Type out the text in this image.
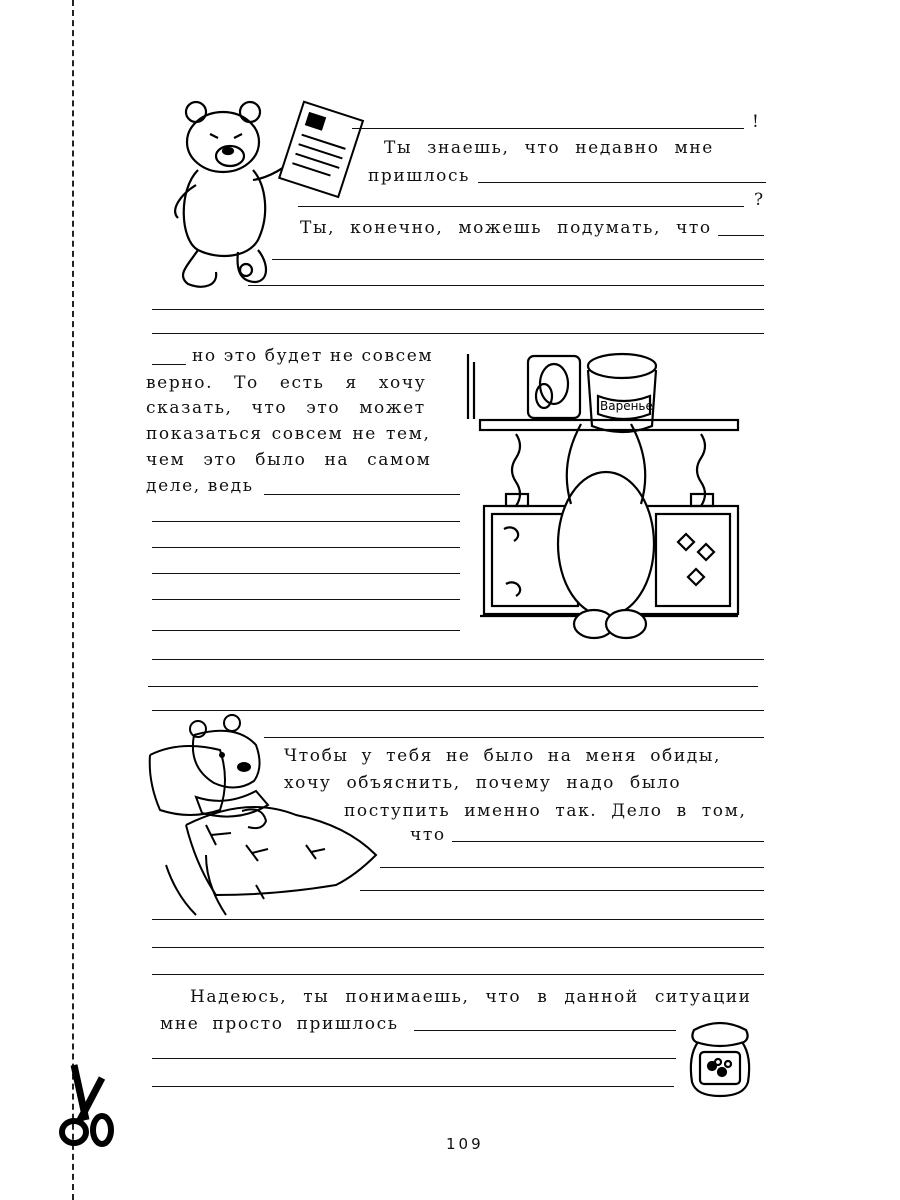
!
Ты знаешь, что недавно мне
пришлось
?
Ты, конечно, можешь подумать, что
но это будет не совсем
верно. То есть я хочу
сказать, что это может
показаться совсем не тем,
чем это было на самом
деле, ведь
Варенье
Чтобы у тебя не было на меня обиды,
хочу объяснить, почему надо было
поступить именно так. Дело в том,
что
Надеюсь, ты понимаешь, что в данной ситуации
мне просто пришлось
109
